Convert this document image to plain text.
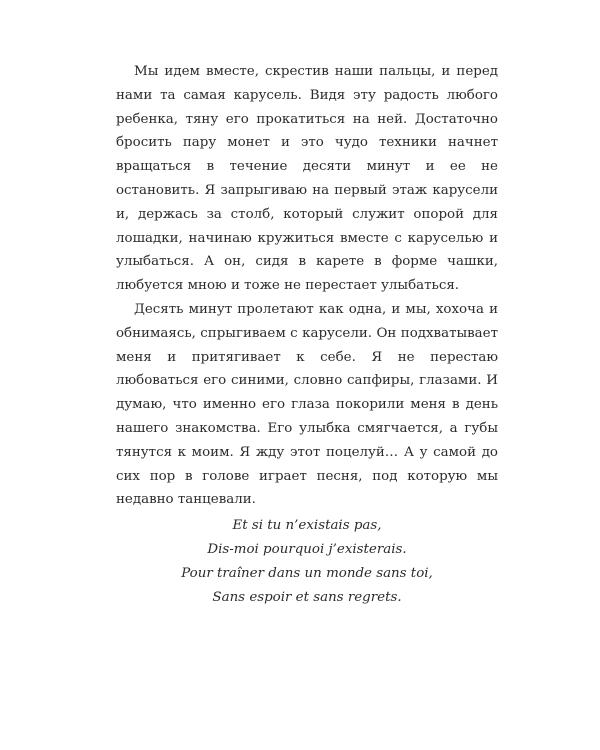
Мы идем вместе, скрестив наши пальцы, и перед нами та самая карусель. Видя эту радость любого ребенка, тяну его прокатиться на ней. Достаточно бросить пару монет и это чудо техники начнет вращаться в течение десяти минут и ее не остановить. Я запрыгиваю на первый этаж карусели и, держась за столб, который служит опорой для лошадки, начинаю кружиться вместе с каруселью и улыбаться. А он, сидя в карете в форме чашки, любуется мною и тоже не перестает улыбаться.

Десять минут пролетают как одна, и мы, хохоча и обнимаясь, спрыгиваем с карусели. Он подхватывает меня и притягивает к себе. Я не перестаю любоваться его синими, словно сапфиры, глазами. И думаю, что именно его глаза покорили меня в день нашего знакомства. Его улыбка смягчается, а губы тянутся к моим. Я жду этот поцелуй… А у самой до сих пор в голове играет песня, под которую мы недавно танцевали.

Et si tu n’existais pas,
Dis-moi pourquoi j’existerais.
Pour traîner dans un monde sans toi,
Sans espoir et sans regrets.
